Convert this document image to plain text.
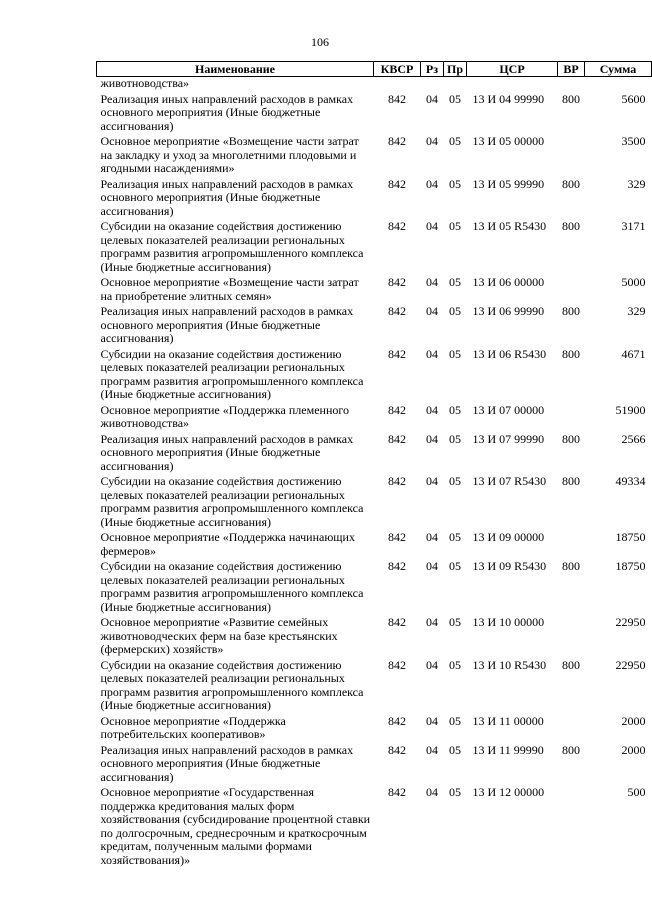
106
Наименование	КВСР	Рз	Пр	ЦСР	ВР	Сумма
животноводства»						

Реализация иных направлений расходов в рамках основного мероприятия (Иные бюджетные ассигнования)	842	04	05	13 И 04 99990	800	5600

Основное мероприятие «Возмещение части затрат на закладку и уход за многолетними плодовыми и ягодными насаждениями»	842	04	05	13 И 05 00000		3500

Реализация иных направлений расходов в рамках основного мероприятия (Иные бюджетные ассигнования)	842	04	05	13 И 05 99990	800	329

Субсидии на оказание содействия достижению целевых показателей реализации региональных программ развития агропромышленного комплекса (Иные бюджетные ассигнования)	842	04	05	13 И 05 R5430	800	3171

Основное мероприятие «Возмещение части затрат на приобретение элитных семян»	842	04	05	13 И 06 00000		5000

Реализация иных направлений расходов в рамках основного мероприятия (Иные бюджетные ассигнования)	842	04	05	13 И 06 99990	800	329

Субсидии на оказание содействия достижению целевых показателей реализации региональных программ развития агропромышленного комплекса (Иные бюджетные ассигнования)	842	04	05	13 И 06 R5430	800	4671

Основное мероприятие «Поддержка племенного животноводства»	842	04	05	13 И 07 00000		51900

Реализация иных направлений расходов в рамках основного мероприятия (Иные бюджетные ассигнования)	842	04	05	13 И 07 99990	800	2566

Субсидии на оказание содействия достижению целевых показателей реализации региональных программ развития агропромышленного комплекса (Иные бюджетные ассигнования)	842	04	05	13 И 07 R5430	800	49334

Основное мероприятие «Поддержка начинающих фермеров»	842	04	05	13 И 09 00000		18750

Субсидии на оказание содействия достижению целевых показателей реализации региональных программ развития агропромышленного комплекса (Иные бюджетные ассигнования)	842	04	05	13 И 09 R5430	800	18750

Основное мероприятие «Развитие семейных животноводческих ферм на базе крестьянских (фермерских) хозяйств»	842	04	05	13 И 10 00000		22950

Субсидии на оказание содействия достижению целевых показателей реализации региональных программ развития агропромышленного комплекса (Иные бюджетные ассигнования)	842	04	05	13 И 10 R5430	800	22950

Основное мероприятие «Поддержка потребительских кооперативов»	842	04	05	13 И 11 00000		2000

Реализация иных направлений расходов в рамках основного мероприятия (Иные бюджетные ассигнования)	842	04	05	13 И 11 99990	800	2000

Основное мероприятие «Государственная поддержка кредитования малых форм хозяйствования (субсидирование процентной ставки по долгосрочным, среднесрочным и краткосрочным кредитам, полученным малыми формами хозяйствования)»	842	04	05	13 И 12 00000		500
